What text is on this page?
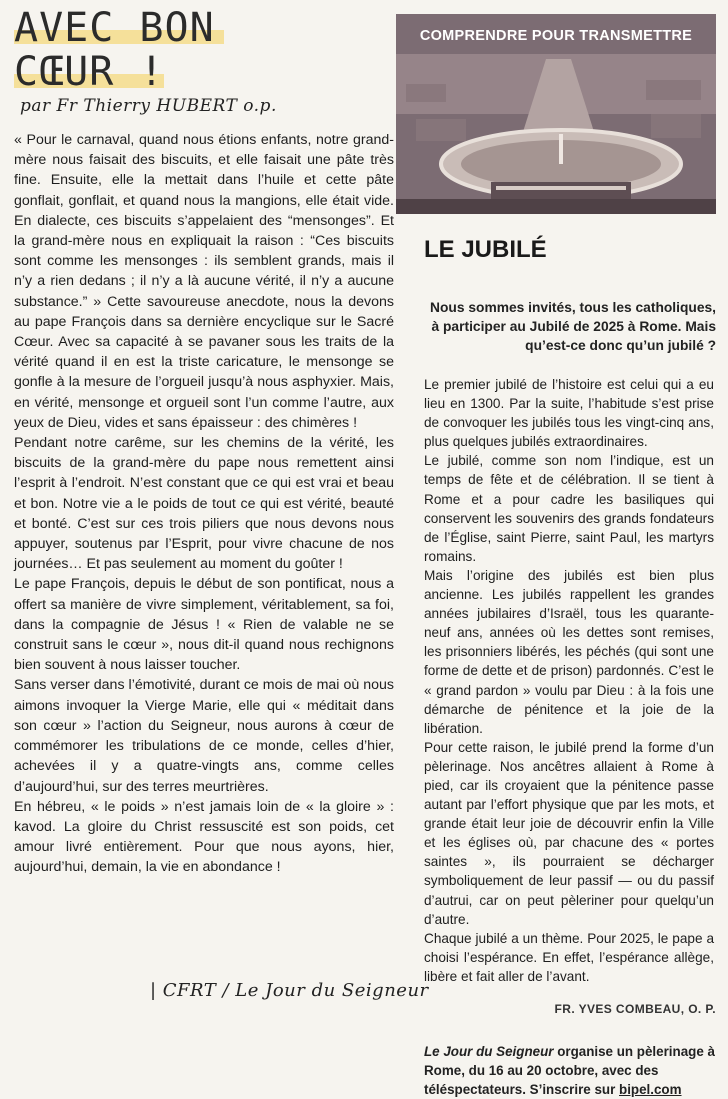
AVEC BON
CŒUR !
par Fr Thierry HUBERT o.p.

« Pour le carnaval, quand nous étions enfants, notre grand-mère nous faisait des biscuits, et elle faisait une pâte très fine. Ensuite, elle la mettait dans l’huile et cette pâte gonflait, gonflait, et quand nous la mangions, elle était vide. En dialecte, ces biscuits s’appelaient des “mensonges”. Et la grand-mère nous en expliquait la raison : “Ces biscuits sont comme les mensonges : ils semblent grands, mais il n’y a rien dedans ; il n’y a là aucune vérité, il n’y a aucune substance.” » Cette savoureuse anecdote, nous la devons au pape François dans sa dernière encyclique sur le Sacré Cœur. Avec sa capacité à se pavaner sous les traits de la vérité quand il en est la triste caricature, le mensonge se gonfle à la mesure de l’orgueil jusqu’à nous asphyxier. Mais, en vérité, mensonge et orgueil sont l’un comme l’autre, aux yeux de Dieu, vides et sans épaisseur : des chimères !

Pendant notre carême, sur les chemins de la vérité, les biscuits de la grand-mère du pape nous remettent ainsi l’esprit à l’endroit. N’est constant que ce qui est vrai et beau et bon. Notre vie a le poids de tout ce qui est vérité, beauté et bonté. C’est sur ces trois piliers que nous devons nous appuyer, soutenus par l’Esprit, pour vivre chacune de nos journées… Et pas seulement au moment du goûter !

Le pape François, depuis le début de son pontificat, nous a offert sa manière de vivre simplement, véritablement, sa foi, dans la compagnie de Jésus ! « Rien de valable ne se construit sans le cœur », nous dit-il quand nous rechignons bien souvent à nous laisser toucher.

Sans verser dans l’émotivité, durant ce mois de mai où nous aimons invoquer la Vierge Marie, elle qui « méditait dans son cœur » l’action du Seigneur, nous aurons à cœur de commémorer les tribulations de ce monde, celles d’hier, achevées il y a quatre-vingts ans, comme celles d’aujourd’hui, sur des terres meurtrières.

En hébreu, « le poids » n’est jamais loin de « la gloire » : kavod. La gloire du Christ ressuscité est son poids, cet amour livré entièrement. Pour que nous ayons, hier, aujourd’hui, demain, la vie en abondance !

| CFRT / Le Jour du Seigneur
COMPRENDRE POUR TRANSMETTRE
LE JUBILÉ
Nous sommes invités, tous les catholiques, à participer au Jubilé de 2025 à Rome. Mais qu’est-ce donc qu’un jubilé ?

Le premier jubilé de l’histoire est celui qui a eu lieu en 1300. Par la suite, l’habitude s’est prise de convoquer les jubilés tous les vingt-cinq ans, plus quelques jubilés extraordinaires.

Le jubilé, comme son nom l’indique, est un temps de fête et de célébration. Il se tient à Rome et a pour cadre les basiliques qui conservent les souvenirs des grands fondateurs de l’Église, saint Pierre, saint Paul, les martyrs romains.

Mais l’origine des jubilés est bien plus ancienne. Les jubilés rappellent les grandes années jubilaires d’Israël, tous les quarante-neuf ans, années où les dettes sont remises, les prisonniers libérés, les péchés (qui sont une forme de dette et de prison) pardonnés. C’est le « grand pardon » voulu par Dieu : à la fois une démarche de pénitence et la joie de la libération.

Pour cette raison, le jubilé prend la forme d’un pèlerinage. Nos ancêtres allaient à Rome à pied, car ils croyaient que la pénitence passe autant par l’effort physique que par les mots, et grande était leur joie de découvrir enfin la Ville et les églises où, par chacune des « portes saintes », ils pourraient se décharger symboliquement de leur passif — ou du passif d’autrui, car on peut pèleriner pour quelqu’un d’autre.

Chaque jubilé a un thème. Pour 2025, le pape a choisi l’espérance. En effet, l’espérance allège, libère et fait aller de l’avant.

FR. YVES COMBEAU, O. P.
Le Jour du Seigneur organise un pèlerinage à Rome, du 16 au 20 octobre, avec des téléspectateurs. S’inscrire sur bipel.com
